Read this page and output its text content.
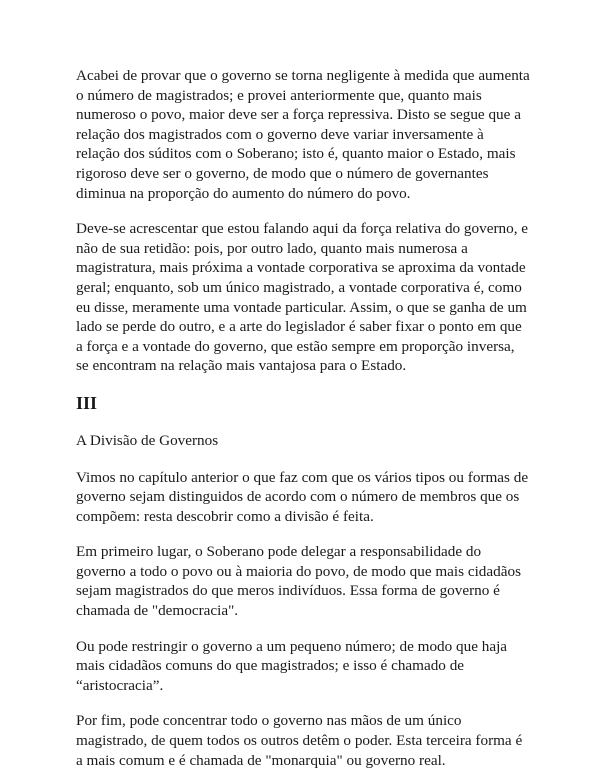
Acabei de provar que o governo se torna negligente à medida que aumenta o número de magistrados; e provei anteriormente que, quanto mais numeroso o povo, maior deve ser a força repressiva. Disto se segue que a relação dos magistrados com o governo deve variar inversamente à relação dos súditos com o Soberano; isto é, quanto maior o Estado, mais rigoroso deve ser o governo, de modo que o número de governantes diminua na proporção do aumento do número do povo.

Deve-se acrescentar que estou falando aqui da força relativa do governo, e não de sua retidão: pois, por outro lado, quanto mais numerosa a magistratura, mais próxima a vontade corporativa se aproxima da vontade geral; enquanto, sob um único magistrado, a vontade corporativa é, como eu disse, meramente uma vontade particular. Assim, o que se ganha de um lado se perde do outro, e a arte do legislador é saber fixar o ponto em que a força e a vontade do governo, que estão sempre em proporção inversa, se encontram na relação mais vantajosa para o Estado.

III

A Divisão de Governos

Vimos no capítulo anterior o que faz com que os vários tipos ou formas de governo sejam distinguidos de acordo com o número de membros que os compõem: resta descobrir como a divisão é feita.

Em primeiro lugar, o Soberano pode delegar a responsabilidade do governo a todo o povo ou à maioria do povo, de modo que mais cidadãos sejam magistrados do que meros indivíduos. Essa forma de governo é chamada de "democracia".

Ou pode restringir o governo a um pequeno número; de modo que haja mais cidadãos comuns do que magistrados; e isso é chamado de “aristocracia”.

Por fim, pode concentrar todo o governo nas mãos de um único magistrado, de quem todos os outros detêm o poder. Esta terceira forma é a mais comum e é chamada de "monarquia" ou governo real.
